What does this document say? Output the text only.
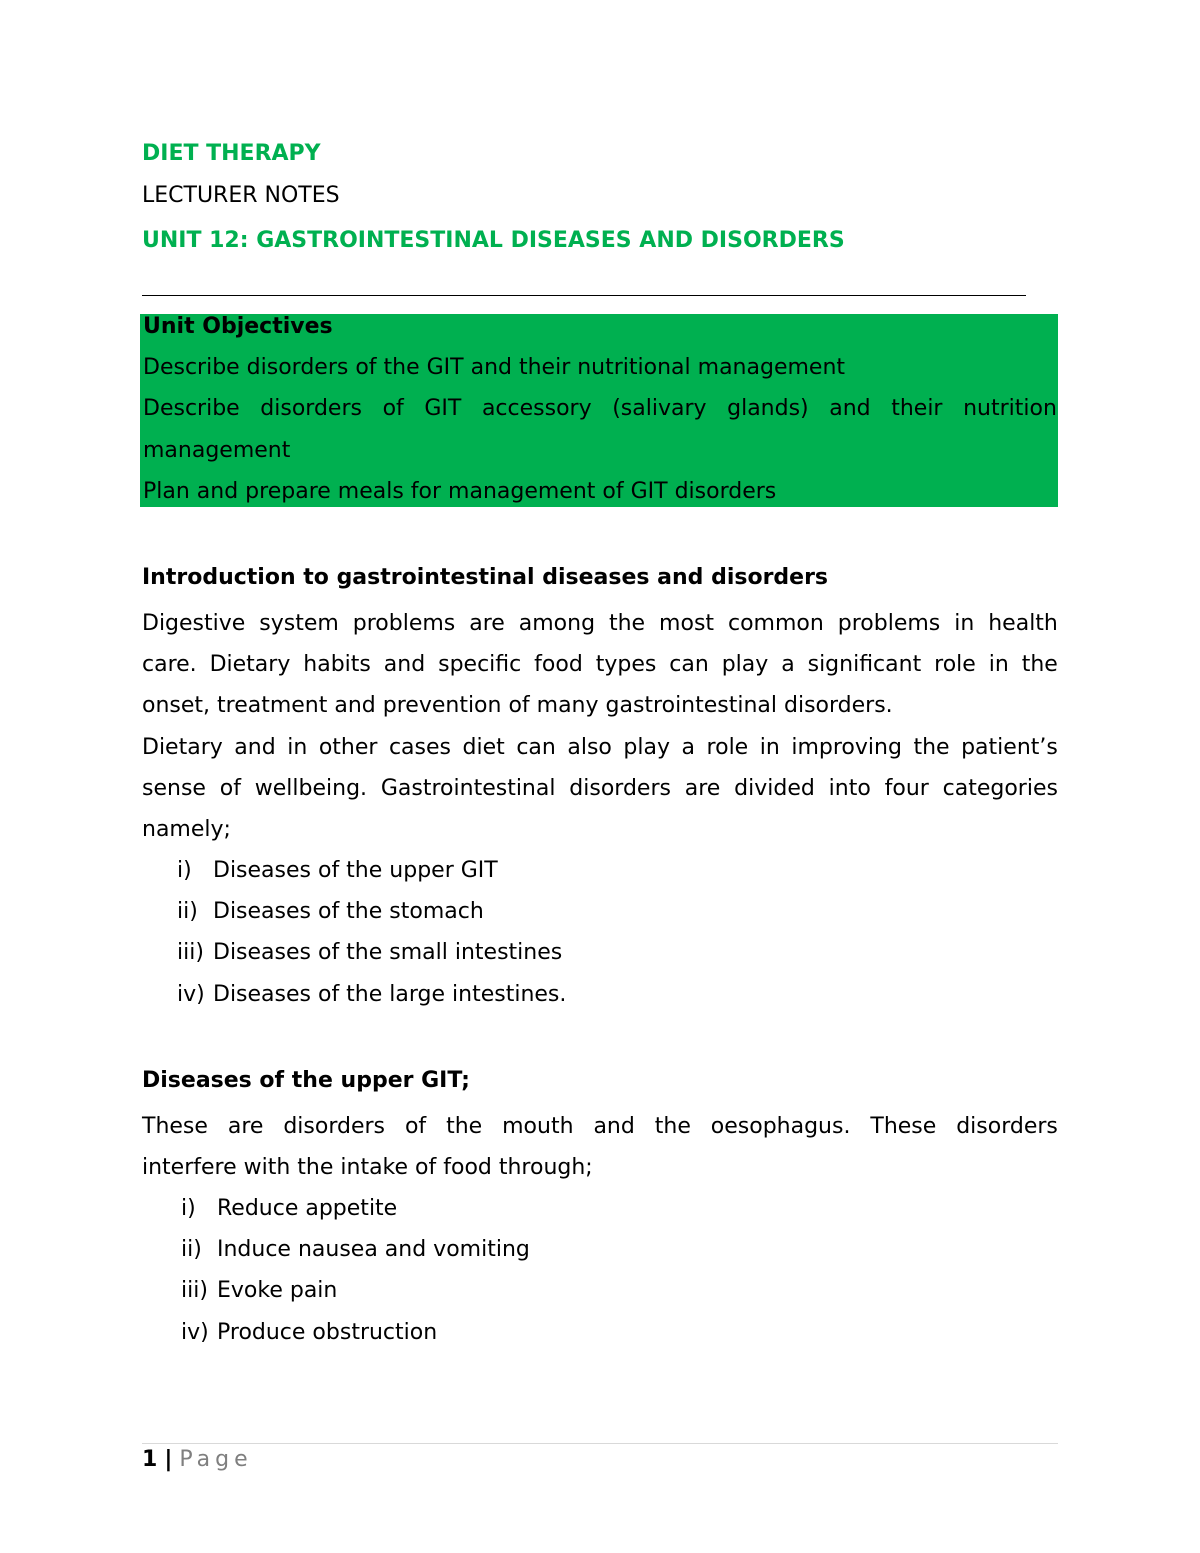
DIET THERAPY
LECTURER NOTES
UNIT 12: GASTROINTESTINAL DISEASES AND DISORDERS
Unit Objectives
Describe disorders of the GIT and their nutritional management
Describe disorders of GIT accessory (salivary glands) and their nutrition
management
Plan and prepare meals for management of GIT disorders
Introduction to gastrointestinal diseases and disorders
Digestive system problems are among the most common problems in health
care. Dietary habits and specific food types can play a significant role in the
onset, treatment and prevention of many gastrointestinal disorders.
Dietary and in other cases diet can also play a role in improving the patient’s
sense of wellbeing. Gastrointestinal disorders are divided into four categories
namely;
i) Diseases of the upper GIT
ii) Diseases of the stomach
iii) Diseases of the small intestines
iv) Diseases of the large intestines.
Diseases of the upper GIT;
These are disorders of the mouth and the oesophagus. These disorders
interfere with the intake of food through;
i) Reduce appetite
ii) Induce nausea and vomiting
iii) Evoke pain
iv) Produce obstruction
1 | Page
